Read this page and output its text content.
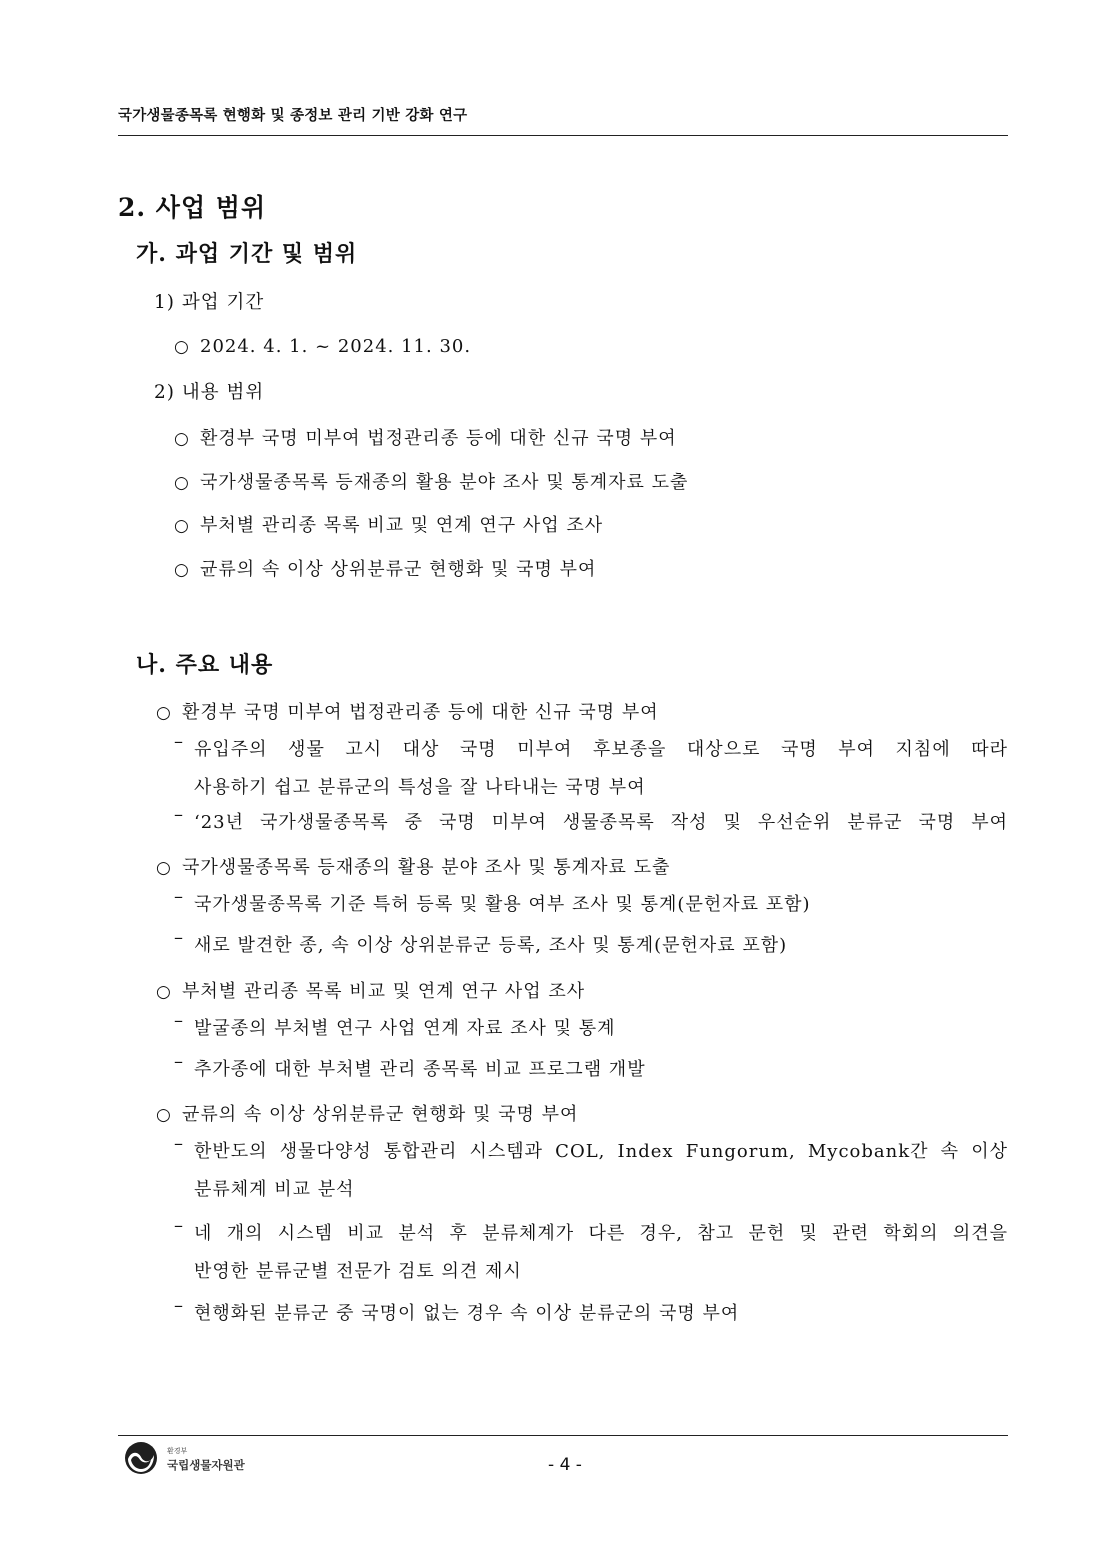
국가생물종목록 현행화 및 종정보 관리 기반 강화 연구
2. 사업 범위
가. 과업 기간 및 범위
1) 과업 기간
○ 2024. 4. 1. ~ 2024. 11. 30.
2) 내용 범위
○ 환경부 국명 미부여 법정관리종 등에 대한 신규 국명 부여
○ 국가생물종목록 등재종의 활용 분야 조사 및 통계자료 도출
○ 부처별 관리종 목록 비교 및 연계 연구 사업 조사
○ 균류의 속 이상 상위분류군 현행화 및 국명 부여
나. 주요 내용
○ 환경부 국명 미부여 법정관리종 등에 대한 신규 국명 부여
– 유입주의 생물 고시 대상 국명 미부여 후보종을 대상으로 국명 부여 지침에 따라
사용하기 쉽고 분류군의 특성을 잘 나타내는 국명 부여
– ‘23년 국가생물종목록 중 국명 미부여 생물종목록 작성 및 우선순위 분류군 국명 부여
○ 국가생물종목록 등재종의 활용 분야 조사 및 통계자료 도출
– 국가생물종목록 기준 특허 등록 및 활용 여부 조사 및 통계(문헌자료 포함)
– 새로 발견한 종, 속 이상 상위분류군 등록, 조사 및 통계(문헌자료 포함)
○ 부처별 관리종 목록 비교 및 연계 연구 사업 조사
– 발굴종의 부처별 연구 사업 연계 자료 조사 및 통계
– 추가종에 대한 부처별 관리 종목록 비교 프로그램 개발
○ 균류의 속 이상 상위분류군 현행화 및 국명 부여
– 한반도의 생물다양성 통합관리 시스템과 COL, Index Fungorum, Mycobank간 속 이상
분류체계 비교 분석
– 네 개의 시스템 비교 분석 후 분류체계가 다른 경우, 참고 문헌 및 관련 학회의 의견을
반영한 분류군별 전문가 검토 의견 제시
– 현행화된 분류군 중 국명이 없는 경우 속 이상 분류군의 국명 부여
환경부
국립생물자원관	- 4 -
